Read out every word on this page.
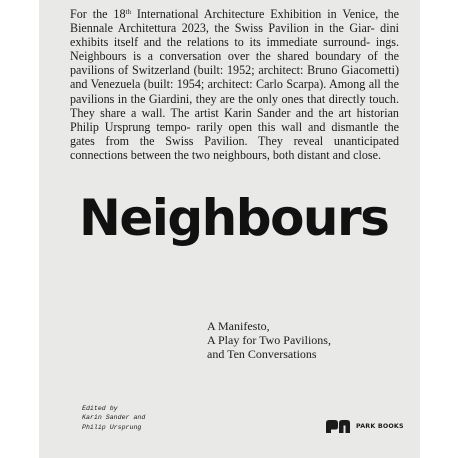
For the 18th International Architecture Exhibition in Venice, the Biennale Architettura 2023, the Swiss Pavilion in the Giar- dini exhibits itself and the relations to its immediate surround- ings. Neighbours is a conversation over the shared boundary of the pavilions of Switzerland (built: 1952; architect: Bruno Giacometti) and Venezuela (built: 1954; architect: Carlo Scarpa). Among all the pavilions in the Giardini, they are the only ones that directly touch. They share a wall. The artist Karin Sander and the art historian Philip Ursprung tempo- rarily open this wall and dismantle the gates from the Swiss Pavilion. They reveal unanticipated connections between the two neighbours, both distant and close.

Neighbours
A Manifesto,
A Play for Two Pavilions,
and Ten Conversations
Edited by
Karin Sander and
Philip Ursprung	PARK BOOKS
